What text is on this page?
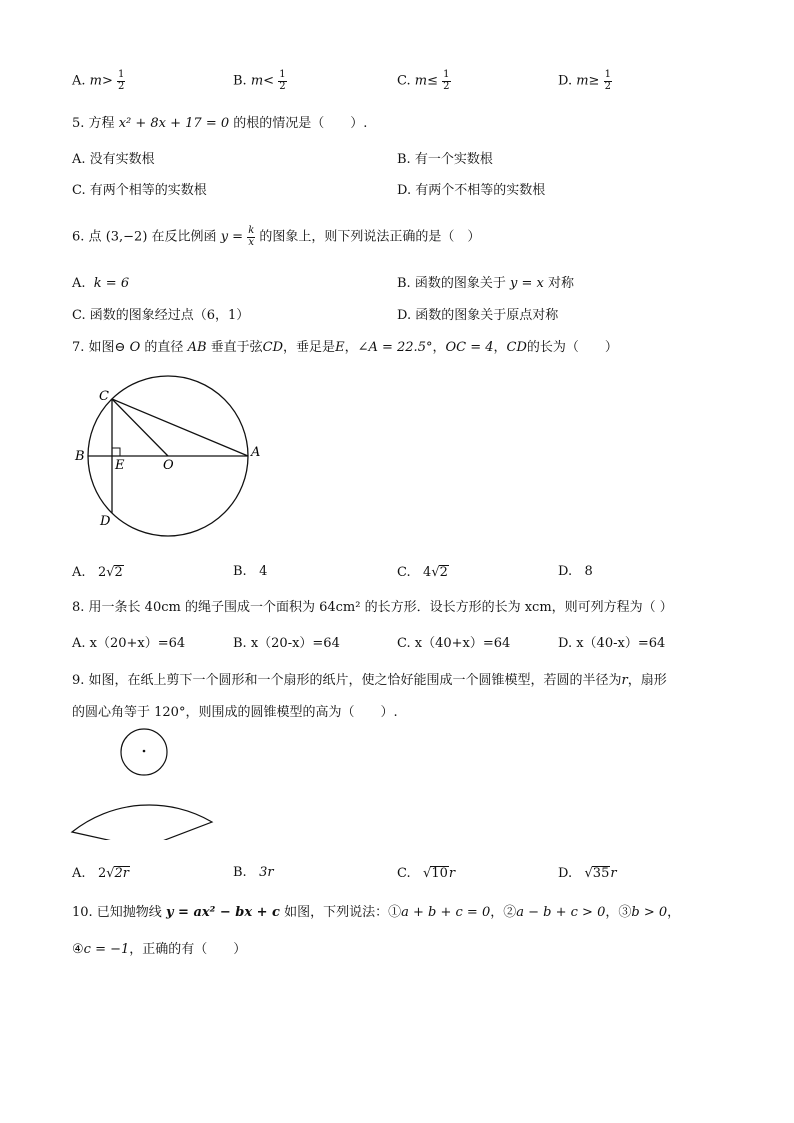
A. $m> \frac{1}{2}$	B. $m< \frac{1}{2}$	C. $m\le \frac{1}{2}$	D. $m\ge \frac{1}{2}$
5. 方程 x² + 8x + 17 = 0 的根的情况是（　　）.
A. 没有实数根	B. 有一个实数根
C. 有两个相等的实数根	D. 有两个不相等的实数根
6. 点 (3,−2) 在反比例函 $y = \frac{k}{x}$ 的图象上，则下列说法正确的是（　）
A. k = 6	B. 函数的图象关于 y = x 对称
C. 函数的图象经过点（6，1）	D. 函数的图象关于原点对称
7. 如图⊖ O 的直径 AB 垂直于弦CD，垂足是E，∠A = 22.5°，OC = 4，CD的长为（　　）
C
B
E	O
A
D
A. 2√2	B. 4	C. 4√2	D. 8
8. 用一条长 40cm 的绳子围成一个面积为 64cm² 的长方形．设长方形的长为 xcm，则可列方程为（ ）
A. x（20+x）=64	B. x（20-x）=64	C. x（40+x）=64	D. x（40-x）=64
9. 如图，在纸上剪下一个圆形和一个扇形的纸片，使之恰好能围成一个圆锥模型，若圆的半径为r，扇形
的圆心角等于 120°，则围成的圆锥模型的高为（　　）.
A. 2√2r	B. 3r	C. √10r	D. √35r
10. 已知抛物线 y = ax² − bx + c 如图，下列说法：①a + b + c = 0，②a − b + c > 0，③b > 0，
④c = −1，正确的有（　　）
